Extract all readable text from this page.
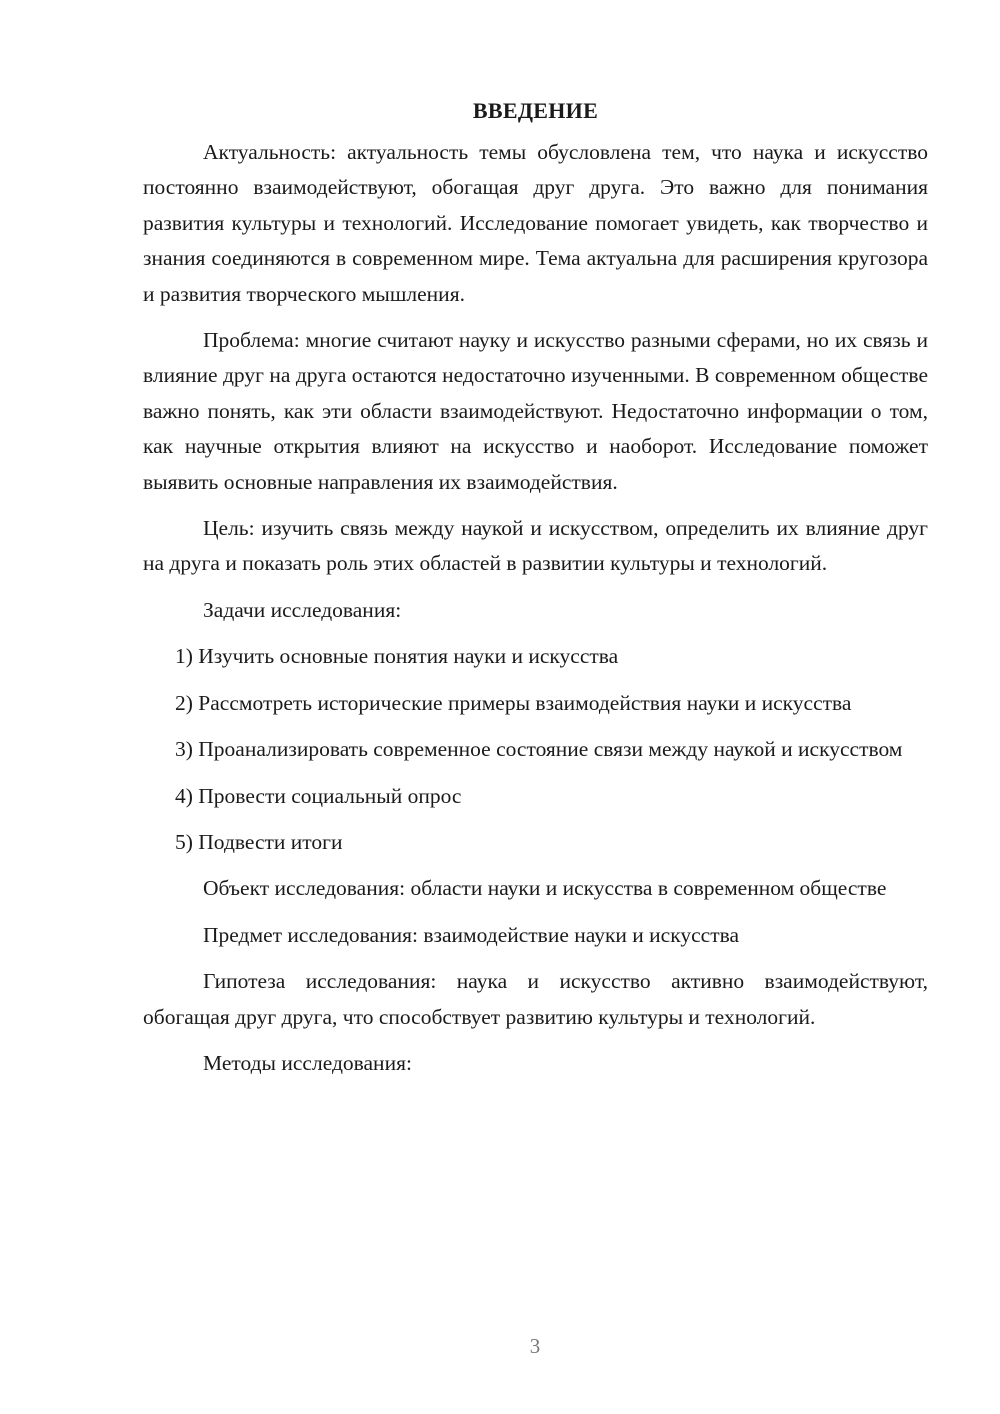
ВВЕДЕНИЕ

Актуальность: актуальность темы обусловлена тем, что наука и искусство постоянно взаимодействуют, обогащая друг друга. Это важно для понимания развития культуры и технологий. Исследование помогает увидеть, как творчество и знания соединяются в современном мире. Тема актуальна для расширения кругозора и развития творческого мышления.

Проблема: многие считают науку и искусство разными сферами, но их связь и влияние друг на друга остаются недостаточно изученными. В современном обществе важно понять, как эти области взаимодействуют. Недостаточно информации о том, как научные открытия влияют на искусство и наоборот. Исследование поможет выявить основные направления их взаимодействия.

Цель: изучить связь между наукой и искусством, определить их влияние друг на друга и показать роль этих областей в развитии культуры и технологий.

Задачи исследования:

1) Изучить основные понятия науки и искусства

2) Рассмотреть исторические примеры взаимодействия науки и искусства

3) Проанализировать современное состояние связи между наукой и искусством

4) Провести социальный опрос

5) Подвести итоги

Объект исследования: области науки и искусства в современном обществе

Предмет исследования: взаимодействие науки и искусства

Гипотеза исследования: наука и искусство активно взаимодействуют, обогащая друг друга, что способствует развитию культуры и технологий.

Методы исследования:

3
